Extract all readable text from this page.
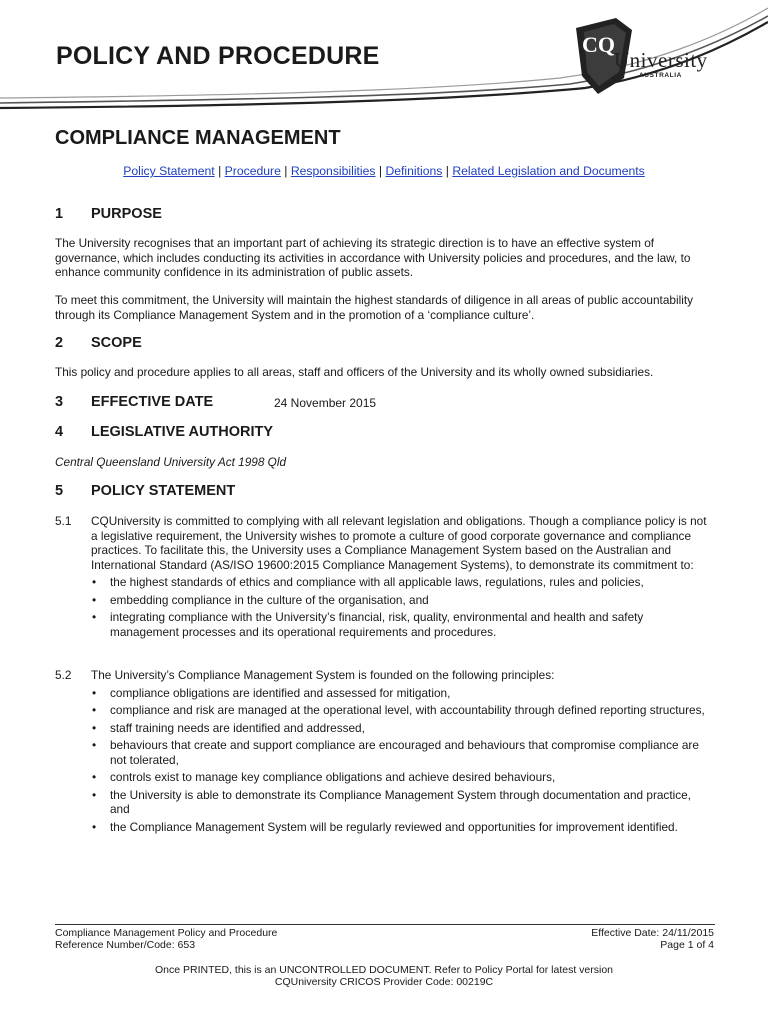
POLICY AND PROCEDURE	CQ
University
AUSTRALIA
COMPLIANCE MANAGEMENT
Policy Statement | Procedure | Responsibilities | Definitions | Related Legislation and Documents
1 PURPOSE
The University recognises that an important part of achieving its strategic direction is to have an effective system of governance, which includes conducting its activities in accordance with University policies and procedures, and the law, to enhance community confidence in its administration of public assets.
To meet this commitment, the University will maintain the highest standards of diligence in all areas of public accountability through its Compliance Management System and in the promotion of a ‘compliance culture’.
2 SCOPE
This policy and procedure applies to all areas, staff and officers of the University and its wholly owned subsidiaries.
3 EFFECTIVE DATE	24 November 2015
4 LEGISLATIVE AUTHORITY
Central Queensland University Act 1998 Qld
5 POLICY STATEMENT
5.1 CQUniversity is committed to complying with all relevant legislation and obligations. Though a compliance policy is not a legislative requirement, the University wishes to promote a culture of good corporate governance and compliance practices. To facilitate this, the University uses a Compliance Management System based on the Australian and International Standard (AS/ISO 19600:2015 Compliance Management Systems), to demonstrate its commitment to:
• the highest standards of ethics and compliance with all applicable laws, regulations, rules and policies,
• embedding compliance in the culture of the organisation, and
• integrating compliance with the University’s financial, risk, quality, environmental and health and safety management processes and its operational requirements and procedures.
5.2 The University’s Compliance Management System is founded on the following principles:
• compliance obligations are identified and assessed for mitigation,
• compliance and risk are managed at the operational level, with accountability through defined reporting structures,
• staff training needs are identified and addressed,
• behaviours that create and support compliance are encouraged and behaviours that compromise compliance are not tolerated,
• controls exist to manage key compliance obligations and achieve desired behaviours,
• the University is able to demonstrate its Compliance Management System through documentation and practice, and
• the Compliance Management System will be regularly reviewed and opportunities for improvement identified.
Compliance Management Policy and Procedure
Reference Number/Code: 653
Effective Date: 24/11/2015
Page 1 of 4
Once PRINTED, this is an UNCONTROLLED DOCUMENT. Refer to Policy Portal for latest version
CQUniversity CRICOS Provider Code: 00219C
